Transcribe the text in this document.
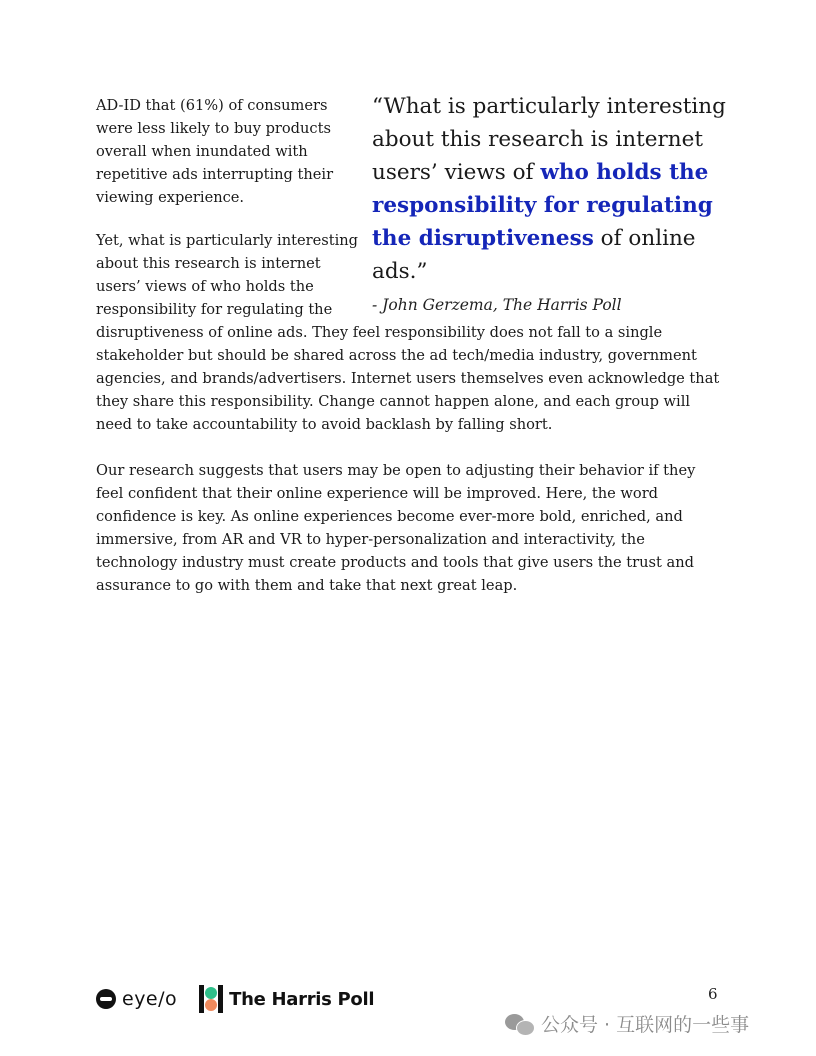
AD-ID that (61%) of consumers were less likely to buy products overall when inundated with repetitive ads interrupting their viewing experience.

Yet, what is particularly interesting about this research is internet users’ views of who holds the responsibility for regulating the

“What is particularly interesting about this research is internet users’ views of who holds the responsibility for regulating the disruptiveness of online ads.”

- John Gerzema, The Harris Poll

disruptiveness of online ads. They feel responsibility does not fall to a single stakeholder but should be shared across the ad tech/media industry, government agencies, and brands/advertisers. Internet users themselves even acknowledge that they share this responsibility. Change cannot happen alone, and each group will need to take accountability to avoid backlash by falling short.

Our research suggests that users may be open to adjusting their behavior if they feel confident that their online experience will be improved. Here, the word confidence is key. As online experiences become ever-more bold, enriched, and immersive, from AR and VR to hyper-personalization and interactivity, the technology industry must create products and tools that give users the trust and assurance to go with them and take that next great leap.

eye/o	The Harris Poll	6
公众号 · 互联网的一些事
